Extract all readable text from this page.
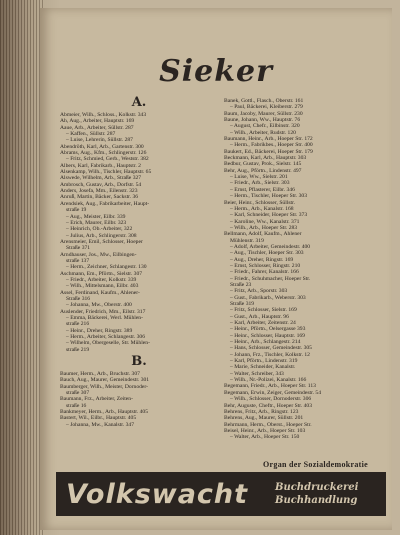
Sieker
A.
Abmeier, Wilh., Schloss., Kolkstr. 343
Ah, Aug., Arbeiter, Hauptstr. 169
Aaue, Arb., Arbeiter, Süllstr. 287
– Kaffen., Süllstr. 287
– Luise, Lehrerin, Süllstr. 287
Abendröth, Karl, Arb., Gartenstr. 300
Abrams, Aug., Kfm., Schlingerstr. 126
– Fritz, Schmied, Gerb., Weststr. 382
Albers, Karl, Fabrikarb., Hauptstr. 2
Alsenkamp, Wilh., Tischler, Hauptstr. 65
Alswede, Wilhelm, Arb., Straße 327
Ambrosch, Gustav, Arb., Dorfstr. 54
Anders, Josefa, Mm., Eilenstr. 323
Anruß, Martin, Bäcker, Sackstr. 36
Arendsiek, Aug., Fabrikarbeiter, Haupt-
straße 19
– Aug., Meister, Eilbr. 339
– Erich, Maurer, Eilbr. 323
– Heinrich, Ob.-Arbeiter, 322
– Julius, Arb., Schlingerstr. 308
Arensmeier, Emil, Schlosser, Hoeper
Straße 371
Arndhauser, Jos., Mw., Eilbingen-
straße 137
– Herm., Zeichner, Schlangestr. 130
Aschmann, Em., Pförtn., Sielstr. 307
– Friedr., Arbeiter, Kolkstr. 339
– Wilh., Mittelsmann, Eilbr. 403
Assel, Ferdinand, Kaufm., Ahlener-
Straße 316
– Johanna, Mw., Oberstr. 400
Auslender, Friedrich, Mm., Eilstr. 317
– Emma, Bäckerei, Werl. Mühlen-
straße 216
– Heinr., Dreher, Ringstr. 389
– Herm., Arbeiter, Schlangestr. 306
– Wilhelm, Obergeselle, Str. Mühlen-
straße 219
B.
Baumer, Herm., Arb., Bruchstr. 307
Bauch, Aug., Maurer, Gemeindestr. 301
Baumberger, Wilh., Meister, Dornoder-
straße 307
Baumann, Frz., Arbeiter, Zeiten-
straße 16
Bankmeyer, Herm., Arb., Hauptstr. 405
Bastert, Wil., Eilbr., Hauptstr. 405
– Johanna, Mw., Kanalstr. 347
Banek, Gottl., Flasch., Oberstr. 161
– Paul, Bäckerei, Kleiberstr. 279
Baum, Jacoby, Maurer, Süllstr. 230
Baune, Johann, Ww., Hauptstr. 76
– August, Chefr., Eilbinstr. 320
– Wilh., Arbeiter, Rudstr. 120
Baumann, Heinr., Arb., Hoeper Str. 172
– Herm., Fabrikbes., Hoeper Str. 400
Baukert, Ed., Bäckerei, Hoeper Str. 179
Beckmann, Karl, Arb., Hauptstr. 303
Bedbur, Gustav, Prok., Sielstr. 145
Behr, Aug., Pförtn., Lindenstr. 497
– Luise, Ww., Sielstr. 201
– Friedr., Arb., Sielstr. 303
– Ernst, Pflasterer, Eilbr. 346
– Herm., Tischler, Hoeper Str. 303
Beier, Heinr., Schlosser, Süllstr.
– Herm., Arb., Kanalstr. 168
– Karl, Schneider, Hoeper Str. 373
– Karoline, Ww., Kanalstr. 371
– Wilh., Arb., Hoeper Str. 283
Bellmann, Adolf, Kaufm., Ahlener
Mühlenstr. 319
– Adolf, Arbeiter, Gemeindestr. 400
– Aug., Tischler, Hoeper Str. 303
– Aug., Dreher, Ringstr. 169
– Ernst, Schlosser, Ringstr. 210
– Friedr., Fahrer, Kanalstr. 166
– Friedr., Schuhmacher, Hoeper Str.
Straße 23
– Fritz, Arb., Sporstr. 303
– Gust., Fabrikarb., Weberstr. 303
Straße 319
– Fritz, Schlosser, Sielstr. 169
– Gust., Arb., Hauptstr. 96
– Karl, Arbeiter, Zeitenstr. 24
– Heinr., Pförtn., Oelsergasse 393
– Heinr., Schlosser, Hauptstr. 169
– Heinr., Arb., Schlangestr. 214
– Hans, Schlosser, Gemeindestr. 305
– Johann, Frz., Tischler, Kolkstr. 12
– Karl, Pförtn., Lindenstr. 319
– Marie, Schneider, Kanalstr.
– Walter, Schreiber, 343
– Wilh., Nr.-Polizei, Kanalstr. 166
Begemann, Friedr., Arb., Hoeper Str. 113
Begemann, Erwin, Zeiger, Gemeindestr. 54
– Wilh., Schlosser, Dornoderstr. 306
Behr, Auguste, Cheftr., Hoeper Str. 403
Behrens, Fritz, Arb., Ringstr. 123
Behrens, Aug., Maurer, Süllstr. 201
Behrmann, Herm., Oberst., Hoeper Str.
Beisel, Heinr., Arb., Hoeper Str. 103
– Walter, Arb., Hoeper Str. 150
Organ der Sozialdemokratie
Volkswacht	Buchdruckerei
Buchhandlung
